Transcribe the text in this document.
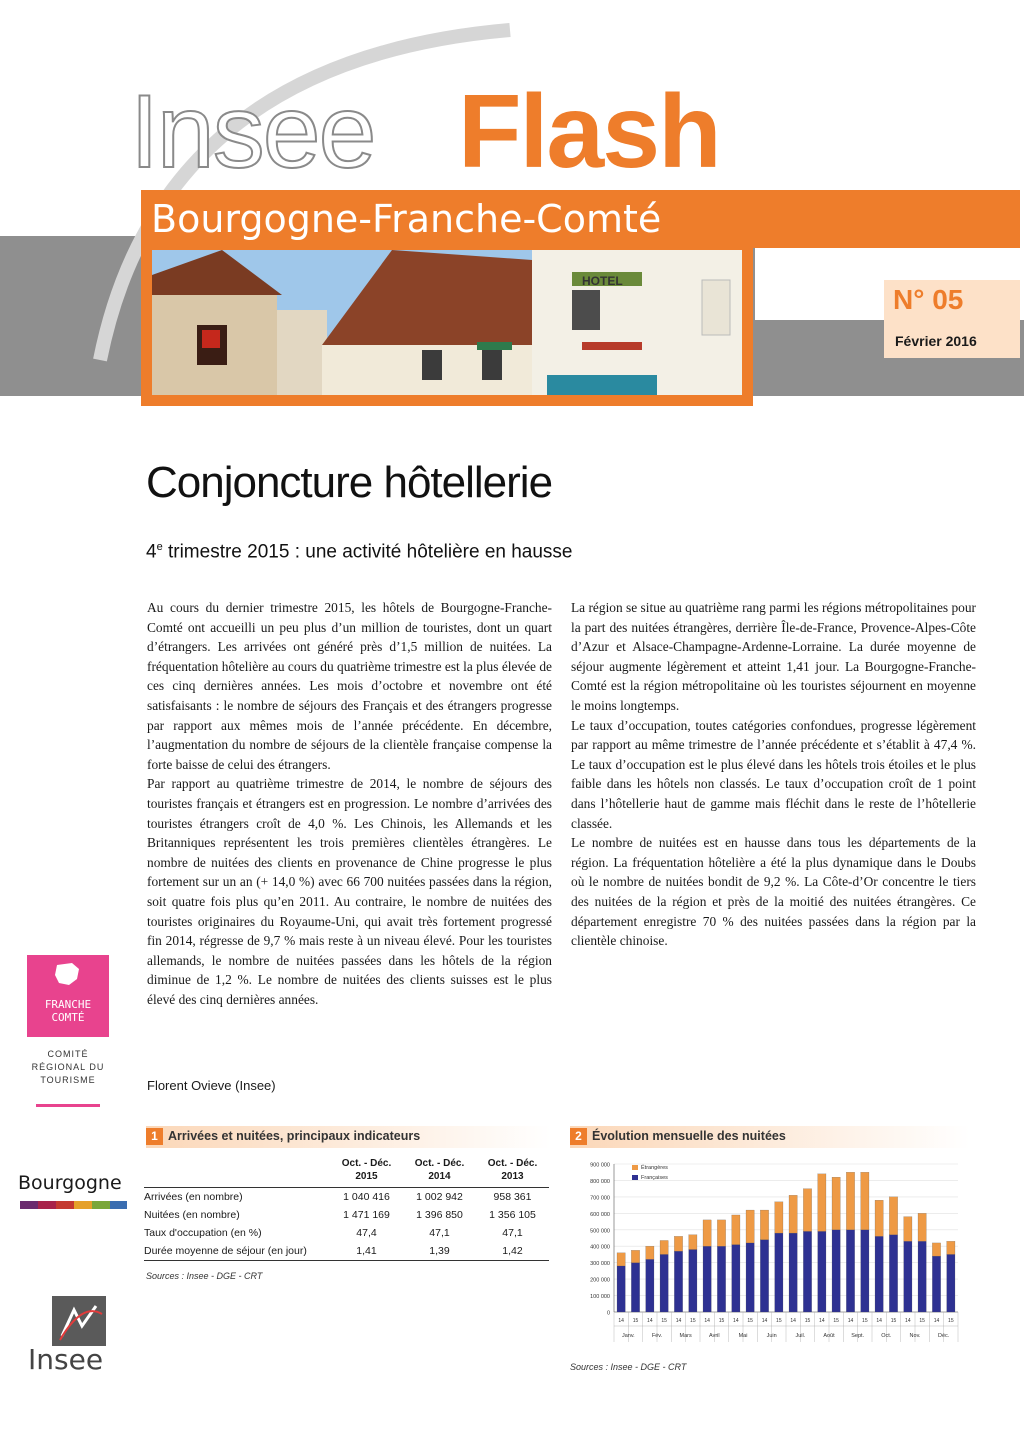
Insee Flash
Bourgogne-Franche-Comté
HOTEL
N° 05
Février 2016
Conjoncture hôtellerie
4e trimestre 2015 : une activité hôtelière en hausse

Au cours du dernier trimestre 2015, les hôtels de Bourgogne-Franche-Comté ont accueilli un peu plus d’un million de touristes, dont un quart d’étrangers. Les arrivées ont généré près d’1,5 million de nuitées. La fréquentation hôtelière au cours du quatrième trimestre est la plus élevée de ces cinq dernières années. Les mois d’octobre et novembre ont été satisfaisants : le nombre de séjours des Français et des étrangers progresse par rapport aux mêmes mois de l’année précédente. En décembre, l’augmentation du nombre de séjours de la clientèle française compense la forte baisse de celui des étrangers.

Par rapport au quatrième trimestre de 2014, le nombre de séjours des touristes français et étrangers est en progression. Le nombre d’arrivées des touristes étrangers croît de 4,0 %. Les Chinois, les Allemands et les Britanniques représentent les trois premières clientèles étrangères. Le nombre de nuitées des clients en provenance de Chine progresse le plus fortement sur un an (+ 14,0 %) avec 66 700 nuitées passées dans la région, soit quatre fois plus qu’en 2011. Au contraire, le nombre de nuitées des touristes originaires du Royaume-Uni, qui avait très fortement progressé fin 2014, régresse de 9,7 % mais reste à un niveau élevé. Pour les touristes allemands, le nombre de nuitées passées dans les hôtels de la région diminue de 1,2 %. Le nombre de nuitées des clients suisses est le plus élevé des cinq dernières années.

La région se situe au quatrième rang parmi les régions métropolitaines pour la part des nuitées étrangères, derrière Île-de-France, Provence-Alpes-Côte d’Azur et Alsace-Champagne-Ardenne-Lorraine. La durée moyenne de séjour augmente légèrement et atteint 1,41 jour. La Bourgogne-Franche-Comté est la région métropolitaine où les touristes séjournent en moyenne le moins longtemps.

Le taux d’occupation, toutes catégories confondues, progresse légèrement par rapport au même trimestre de l’année précédente et s’établit à 47,4 %. Le taux d’occupation est le plus élevé dans les hôtels trois étoiles et le plus faible dans les hôtels non classés. Le taux d’occupation croît de 1 point dans l’hôtellerie haut de gamme mais fléchit dans le reste de l’hôtellerie classée.

Le nombre de nuitées est en hausse dans tous les départements de la région. La fréquentation hôtelière a été la plus dynamique dans le Doubs où le nombre de nuitées bondit de 9,2 %. La Côte-d’Or concentre le tiers des nuitées de la région et près de la moitié des nuitées étrangères. Ce département enregistre 70 % des nuitées passées dans la région par la clientèle chinoise.

Florent Ovieve (Insee)
FRANCHE
COMTÉ
COMITÉ
RÉGIONAL DU
TOURISME
Bourgogne
Insee
1 Arrivées et nuitées, principaux indicateurs
	Oct. - Déc. 2015	Oct. - Déc. 2014	Oct. - Déc. 2013
Arrivées (en nombre)	1 040 416	1 002 942	958 361
Nuitées (en nombre)	1 471 169	1 396 850	1 356 105
Taux d'occupation (en %)	47,4	47,1	47,1
Durée moyenne de séjour (en jour)	1,41	1,39	1,42
Sources : Insee - DGE - CRT
2 Évolution mensuelle des nuitées
0
100 000
200 000
300 000
400 000
500 000
600 000
700 000
800 000
900 000
14 15 14 15 14 15 14 15 14 15 14 15 14 15 14 15 14 15 14 15 14 15 14 15
Janv.	Fév.	Mars	Avril	Mai	Juin	Juil.	Août	Sept.	Oct.	Nov.	Déc.
Étrangères
Françaises
Sources : Insee - DGE - CRT
